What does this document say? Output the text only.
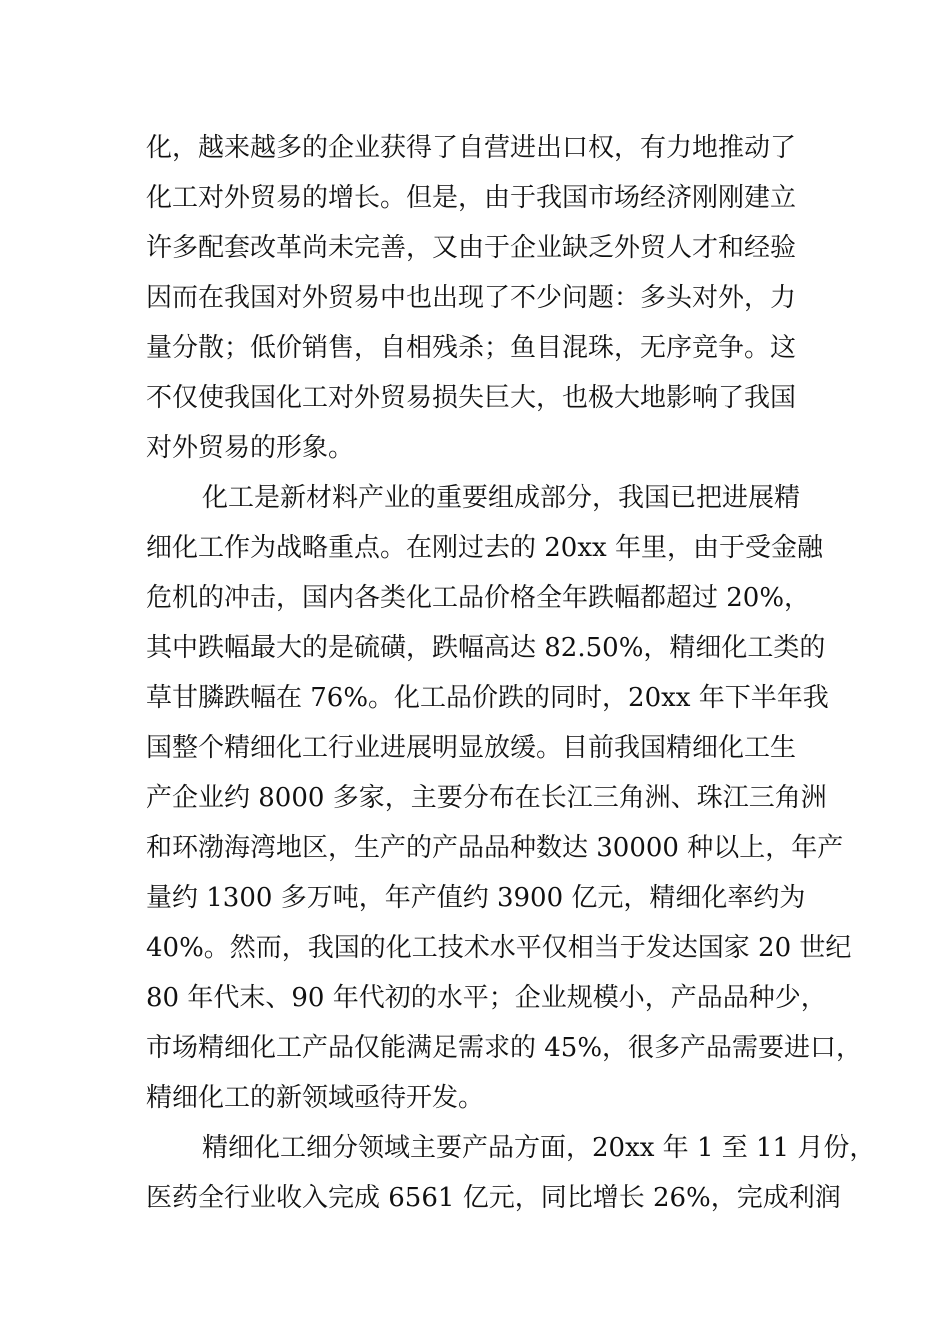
化，越来越多的企业获得了自营进出口权，有力地推动了
化工对外贸易的增长。但是，由于我国市场经济刚刚建立
许多配套改革尚未完善，又由于企业缺乏外贸人才和经验
因而在我国对外贸易中也出现了不少问题：多头对外，力
量分散；低价销售，自相残杀；鱼目混珠，无序竞争。这
不仅使我国化工对外贸易损失巨大，也极大地影响了我国
对外贸易的形象。
化工是新材料产业的重要组成部分，我国已把进展精
细化工作为战略重点。在刚过去的 20xx 年里，由于受金融
危机的冲击，国内各类化工品价格全年跌幅都超过 20%，
其中跌幅最大的是硫磺，跌幅高达 82.50%，精细化工类的
草甘膦跌幅在 76%。化工品价跌的同时，20xx 年下半年我
国整个精细化工行业进展明显放缓。目前我国精细化工生
产企业约 8000 多家，主要分布在长江三角洲、珠江三角洲
和环渤海湾地区，生产的产品品种数达 30000 种以上，年产
量约 1300 多万吨，年产值约 3900 亿元，精细化率约为
40%。然而，我国的化工技术水平仅相当于发达国家 20 世纪
80 年代末、90 年代初的水平；企业规模小，产品品种少，
市场精细化工产品仅能满足需求的 45%，很多产品需要进口，
精细化工的新领域亟待开发。
精细化工细分领域主要产品方面，20xx 年 1 至 11 月份，
医药全行业收入完成 6561 亿元，同比增长 26%，完成利润
